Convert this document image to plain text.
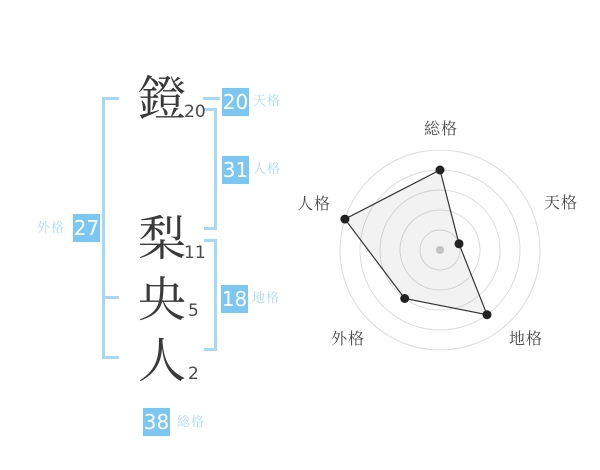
鐙
梨
央
人
20
11
5
2
20 天格
31 人格
18 地格
外格 27
38 総格
総格
天格
地格
外格
人格
